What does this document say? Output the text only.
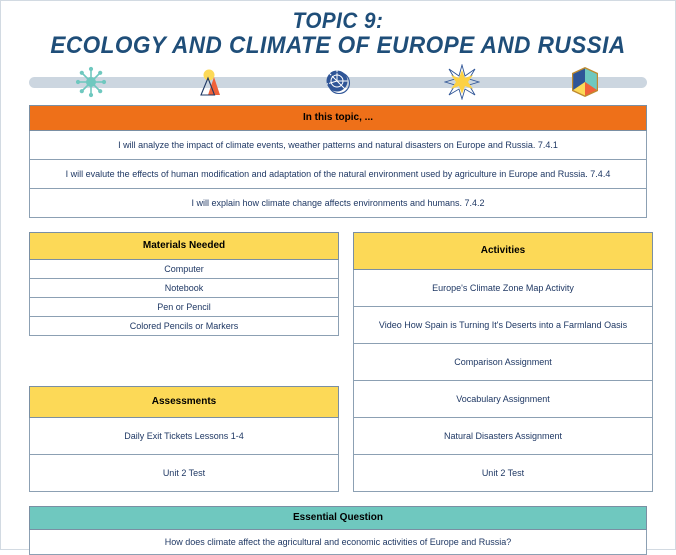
TOPIC 9:
ECOLOGY AND CLIMATE OF EUROPE AND RUSSIA
In this topic, ...
I will analyze the impact of climate events, weather patterns and natural disasters on Europe and Russia. 7.4.1
I will evalute the effects of human modification and adaptation of the natural environment used by agriculture in Europe and Russia. 7.4.4
I will explain how climate change affects environments and humans. 7.4.2
Materials Needed
Computer
Notebook
Pen or Pencil
Colored Pencils or Markers
Assessments
Daily Exit Tickets Lessons 1-4
Unit 2 Test
Activities
Europe's Climate Zone Map Activity
Video How Spain is Turning It's Deserts into a Farmland Oasis
Comparison Assignment
Vocabulary Assignment
Natural Disasters Assignment
Unit 2 Test
Essential Question
How does climate affect the agricultural and economic activities of Europe and Russia?
